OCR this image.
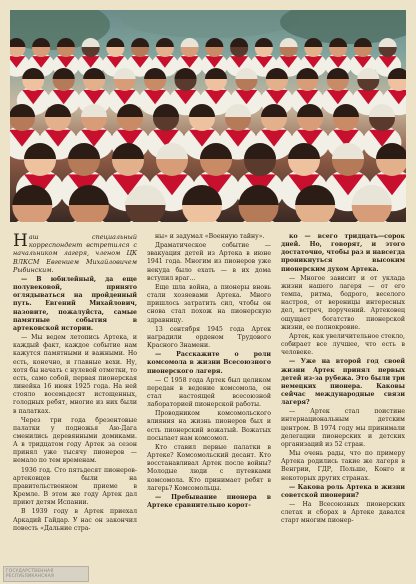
Наш специальный корреспондент встретился с начальником лагеря, членом ЦК ВЛКСМ Евгением Михайловичем Рыбинским.

— В юбилейный, да еще полувековой, принято оглядываться на пройденный путь. Евгений Михайлович, назовите, пожалуйста, самые памятные события в артековской истории.

— Мы ведем летопись Артека, и каждый факт, каждое событие нам кажутся памятными и важными. Но есть, конечно, и главные вехи. Ну, хотя бы начать с нулевой отметки, то есть, само собой, первая пионерская линейка 16 июня 1925 года. На ней стояло восемьдесят истощенных, голодных ребят, многие из них были в палатках.

Через три года брезентовые палатки у подножья Аю-Дага сменились деревянными домиками. А в тридцатом году Артек за сезон принял уже тысячу пионеров — немало по тем временам.

1936 год. Сто пятьдесят пионеров-артековцев были на правительственном приеме в Кремле. В этом же году Артек дал приют детям Испании.

В 1939 году в Артек приехал Аркадий Гайдар. У нас он закончил повесть «Дальние стра-

ны» и задумал «Военную тайну».

Драматическое событие — эвакуация детей из Артека в июне 1941 года. Многим из пионеров уже некуда было ехать — в их дома вступил враг...

Еще шла война, а пионеры вновь стали хозяевами Артека. Много пришлось затратить сил, чтобы он снова стал похож на пионерскую здравницу.

13 сентября 1945 года Артек наградили орденом Трудового Красного Знамени.

— Расскажите о роли комсомола в жизни Всесоюзного пионерского лагеря.

— С 1958 года Артек был целиком передан в ведение комсомола, он стал настоящей всесоюзной лабораторией пионерской работы.

Проводником комсомольского влияния на жизнь пионеров был и есть пионерский вожатый. Вожатых посылает нам комсомол.

Кто ставил первые палатки в Артеке? Комсомольский десант. Кто восстанавливал Артек после войны? Молодые люди с путевками комсомола. Кто принимает ребят в лагерь? Комсомольцы.

— Пребывание пионера в Артеке сравнительно корот-

ко — всего тридцать—сорок дней. Но, говорят, и этого достаточно, чтобы раз и навсегда проникнуться высоким пионерским духом Артека.

— Многое зависит и от уклада жизни нашего лагеря — от его темпа, ритма, бодрого, веселого настроя, от вереницы интересных дел, встреч, поручений. Артековец ощущает богатство пионерской жизни, ее полнокровие.

Артек, как увеличительное стекло, собирает все лучшее, что есть в человеке.

— Уже на второй год своей жизни Артек принял первых детей из-за рубежа. Это были три немецких пионера. Каковы сейчас международные связи лагеря?

— Артек стал поистине интернациональным детским центром. В 1974 году мы принимали делегации пионерских и детских организаций из 52 стран.

Мы очень рады, что по примеру Артека родились такие же лагеря в Венгрии, ГДР, Польше, Конго и некоторых других странах.

— Какова роль Артека в жизни советской пионерии?

— На Всесоюзных пионерских слетах и сборах в Артеке давался старт многим пионер-

ГОСУДАРСТВЕННАЯ РЕСПУБЛИКАНСКАЯ
